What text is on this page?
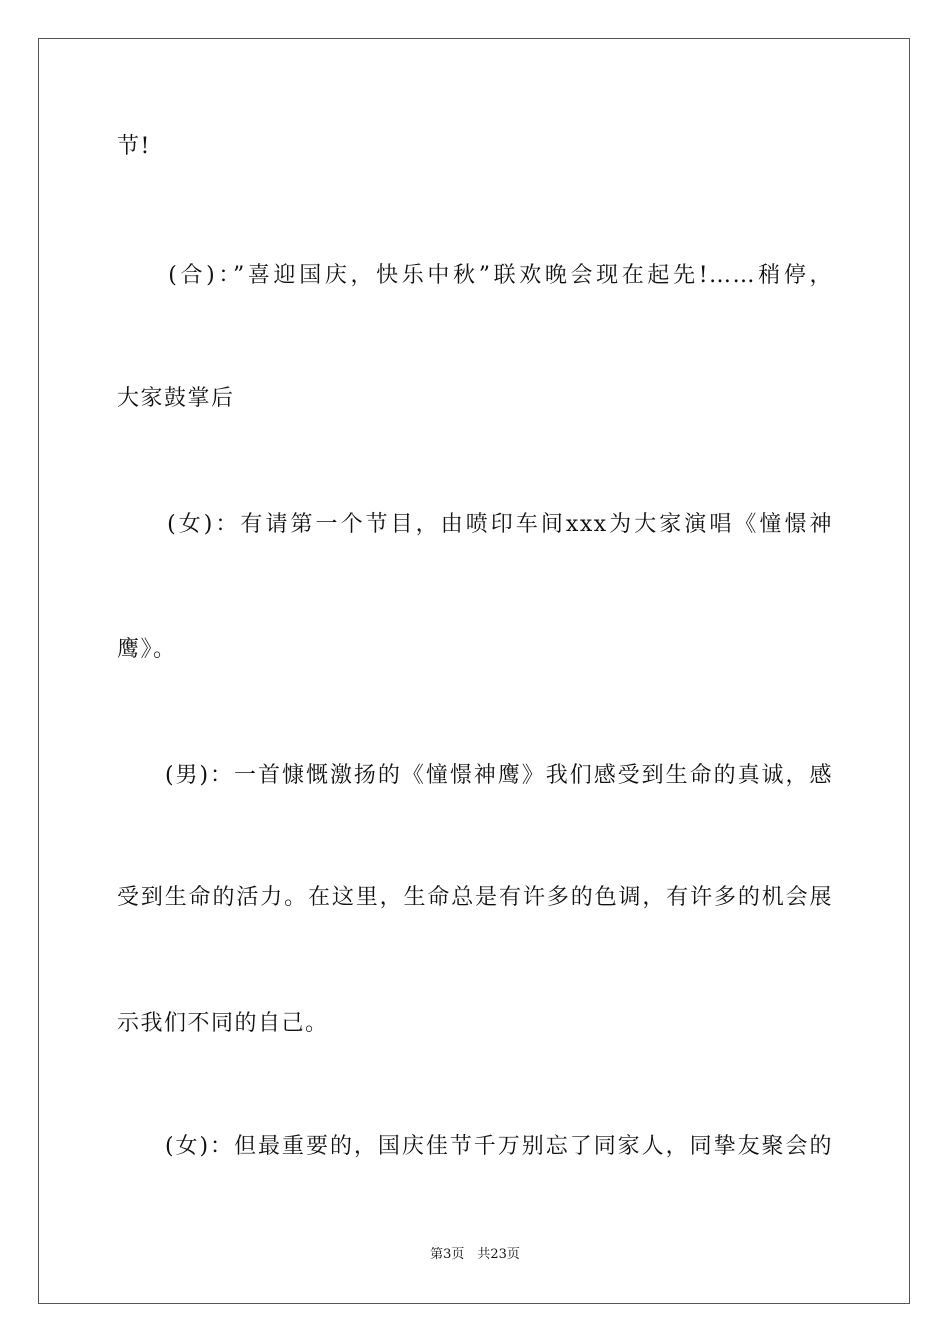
节!
　　(合)：”喜迎国庆，快乐中秋”联欢晚会现在起先!……稍停，
大家鼓掌后
　　(女)：有请第一个节目，由喷印车间xxx为大家演唱《憧憬神
鹰》。
　　(男)：一首慷慨激扬的《憧憬神鹰》我们感受到生命的真诚，感
受到生命的活力。在这里，生命总是有许多的色调，有许多的机会展
示我们不同的自己。
　　(女)：但最重要的，国庆佳节千万别忘了同家人，同挚友聚会的
第3页　共23页
